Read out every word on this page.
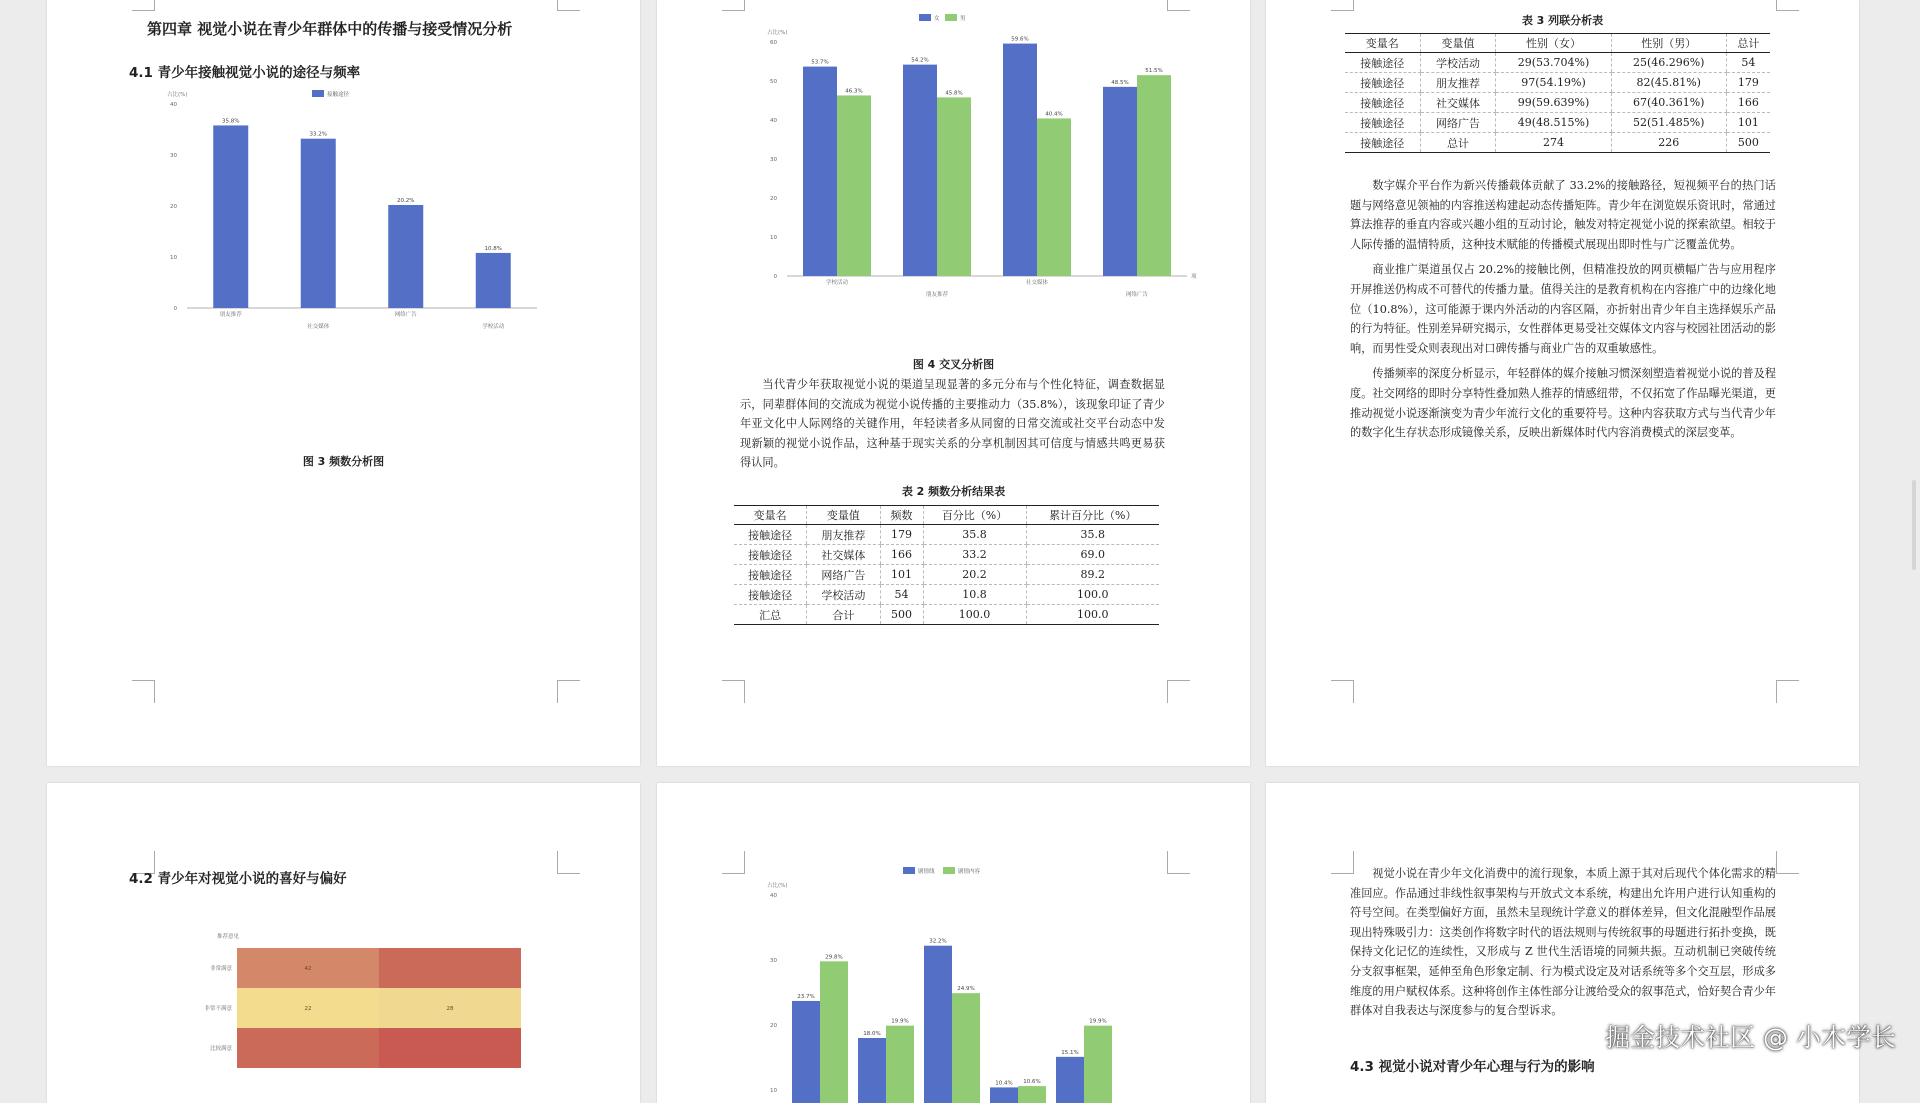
第四章 视觉小说在青少年群体中的传播与接受情况分析
4.1 青少年接触视觉小说的途径与频率
接触途径
占比(%)
0
10
20
30
40
35.8%
朋友推荐
33.2%
社交媒体
20.2%
网络广告
10.8%
学校活动
图 3 频数分析图
女	男
占比(%)
0
10
20
30
40
50
60
项
53.7%
46.3%
学校活动
54.2%
45.8%
朋友推荐
59.6%
40.4%
社交媒体
48.5%
51.5%
网络广告
图 4 交叉分析图

当代青少年获取视觉小说的渠道呈现显著的多元分布与个性化特征，调查数据显示，同辈群体间的交流成为视觉小说传播的主要推动力（35.8%），该现象印证了青少年亚文化中人际网络的关键作用，年轻读者多从同窗的日常交流或社交平台动态中发现新颖的视觉小说作品，这种基于现实关系的分享机制因其可信度与情感共鸣更易获得认同。

表 2 频数分析结果表
变量名	变量值	频数	百分比（%）	累计百分比（%）
接触途径	朋友推荐	179	35.8	35.8
接触途径	社交媒体	166	33.2	69.0
接触途径	网络广告	101	20.2	89.2
接触途径	学校活动	54	10.8	100.0
汇总	合计	500	100.0	100.0
表 3 列联分析表
变量名	变量值	性别（女）	性别（男）	总计
接触途径	学校活动	29(53.704%)	25(46.296%)	54
接触途径	朋友推荐	97(54.19%)	82(45.81%)	179
接触途径	社交媒体	99(59.639%)	67(40.361%)	166
接触途径	网络广告	49(48.515%)	52(51.485%)	101
接触途径	总计	274	226	500

数字媒介平台作为新兴传播载体贡献了 33.2%的接触路径，短视频平台的热门话题与网络意见领袖的内容推送构建起动态传播矩阵。青少年在浏览娱乐资讯时，常通过算法推荐的垂直内容或兴趣小组的互动讨论，触发对特定视觉小说的探索欲望。相较于人际传播的温情特质，这种技术赋能的传播模式展现出即时性与广泛覆盖优势。

商业推广渠道虽仅占 20.2%的接触比例，但精准投放的网页横幅广告与应用程序开屏推送仍构成不可替代的传播力量。值得关注的是教育机构在内容推广中的边缘化地位（10.8%），这可能源于课内外活动的内容区隔，亦折射出青少年自主选择娱乐产品的行为特征。性别差异研究揭示，女性群体更易受社交媒体文内容与校园社团活动的影响，而男性受众则表现出对口碑传播与商业广告的双重敏感性。

传播频率的深度分析显示，年轻群体的媒介接触习惯深刻塑造着视觉小说的普及程度。社交网络的即时分享特性叠加熟人推荐的情感纽带，不仅拓宽了作品曝光渠道，更推动视觉小说逐渐演变为青少年流行文化的重要符号。这种内容获取方式与当代青少年的数字化生存状态形成镜像关系，反映出新媒体时代内容消费模式的深层变革。

4.2 青少年对视觉小说的喜好与偏好
推荐意见
非常满意	42
非常不满意	22	28
比较满意
剧情线	剧情内容
占比(%)
10
20
30
40
23.7%
29.8%
18.0%
19.9%
32.2%
24.9%
10.4% 10.6%
15.1%
19.9%

视觉小说在青少年文化消费中的流行现象，本质上源于其对后现代个体化需求的精准回应。作品通过非线性叙事架构与开放式文本系统，构建出允许用户进行认知重构的符号空间。在类型偏好方面，虽然未呈现统计学意义的群体差异，但文化混融型作品展现出特殊吸引力：这类创作将数字时代的语法规则与传统叙事的母题进行拓扑变换，既保持文化记忆的连续性，又形成与 Z 世代生活语境的同频共振。互动机制已突破传统分支叙事框架，延伸至角色形象定制、行为模式设定及对话系统等多个交互层，形成多维度的用户赋权体系。这种将创作主体性部分让渡给受众的叙事范式，恰好契合青少年群体对自我表达与深度参与的复合型诉求。

4.3 视觉小说对青少年心理与行为的影响
掘金技术社区 @ 小木学长
